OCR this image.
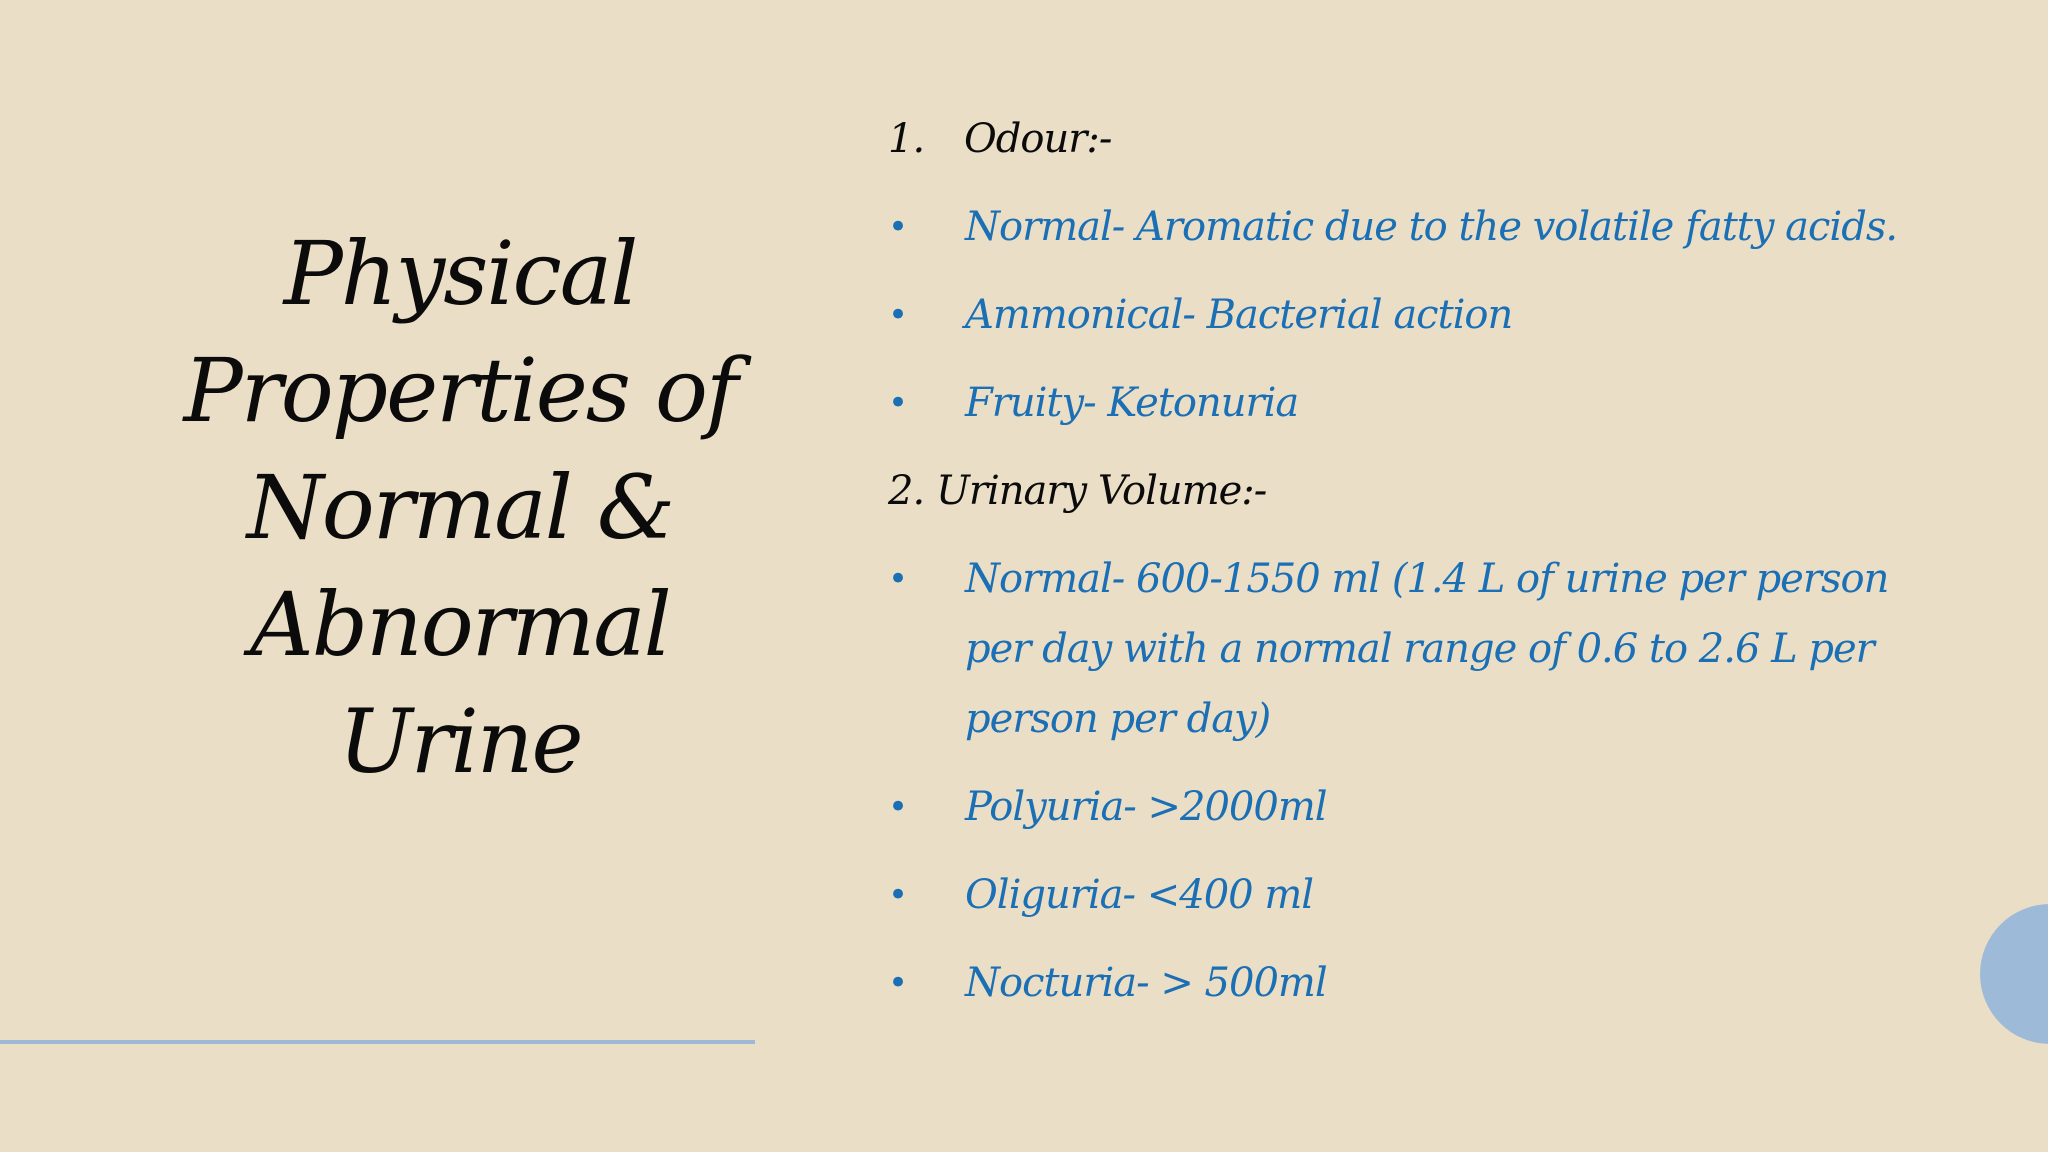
Physical
Properties of
Normal &
Abnormal
Urine
1. Odour:-
• Normal- Aromatic due to the volatile fatty acids.
• Ammonical- Bacterial action
• Fruity- Ketonuria
2. Urinary Volume:-
• Normal- 600-1550 ml (1.4 L of urine per person per day with a normal range of 0.6 to 2.6 L per person per day)
• Polyuria- >2000ml
• Oliguria- <400 ml
• Nocturia- > 500ml
